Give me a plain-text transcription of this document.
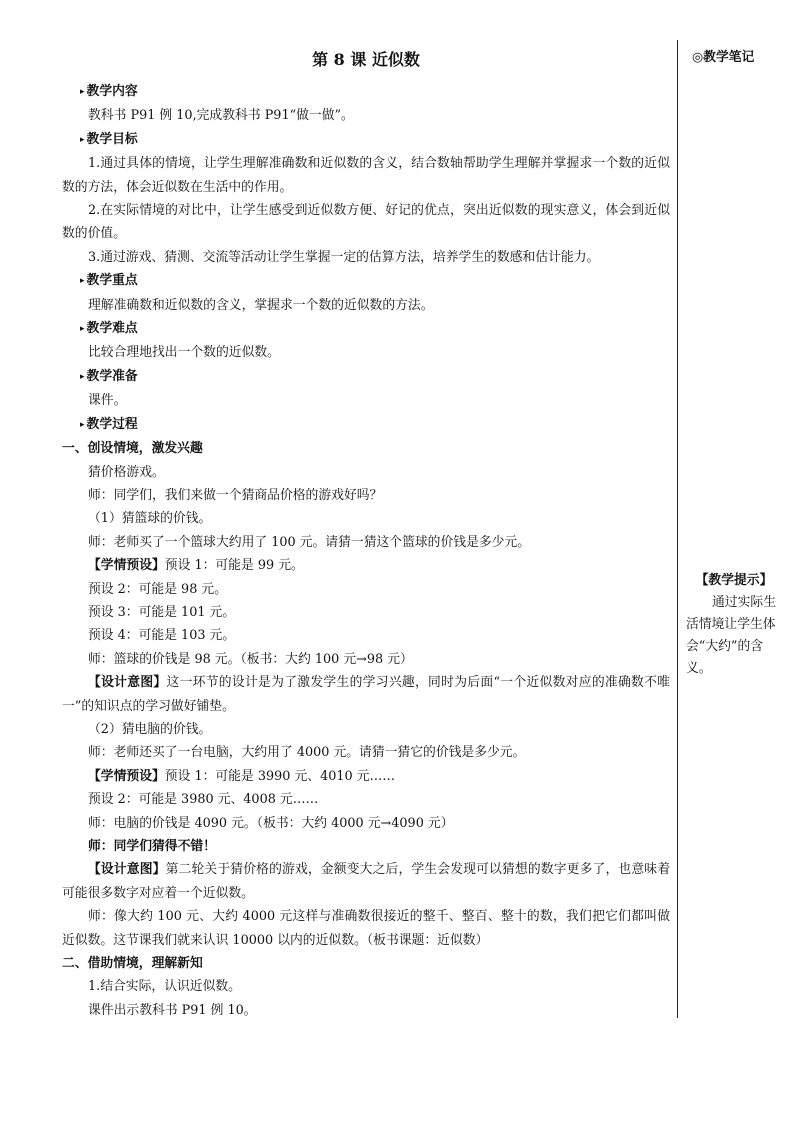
第 8 课 近似数

▸ 教学内容

教科书 P91 例 10,完成教科书 P91“做一做”。

▸ 教学目标

1.通过具体的情境，让学生理解准确数和近似数的含义，结合数轴帮助学生理解并掌握求一个数的近似数的方法，体会近似数在生活中的作用。

2.在实际情境的对比中，让学生感受到近似数方便、好记的优点，突出近似数的现实意义，体会到近似数的价值。

3.通过游戏、猜测、交流等活动让学生掌握一定的估算方法，培养学生的数感和估计能力。

▸ 教学重点

理解准确数和近似数的含义，掌握求一个数的近似数的方法。

▸ 教学难点

比较合理地找出一个数的近似数。

▸ 教学准备

课件。

▸ 教学过程

一、创设情境，激发兴趣

猜价格游戏。

师：同学们，我们来做一个猜商品价格的游戏好吗？

（1）猜篮球的价钱。

师：老师买了一个篮球大约用了 100 元。请猜一猜这个篮球的价钱是多少元。

【学情预设】预设 1：可能是 99 元。

预设 2：可能是 98 元。

预设 3：可能是 101 元。

预设 4：可能是 103 元。

师：篮球的价钱是 98 元。（板书：大约 100 元→98 元）

【设计意图】这一环节的设计是为了激发学生的学习兴趣，同时为后面“一个近似数对应的准确数不唯一”的知识点的学习做好铺垫。

（2）猜电脑的价钱。

师：老师还买了一台电脑，大约用了 4000 元。请猜一猜它的价钱是多少元。

【学情预设】预设 1：可能是 3990 元、4010 元……

预设 2：可能是 3980 元、4008 元……

师：电脑的价钱是 4090 元。（板书：大约 4000 元→4090 元）

师：同学们猜得不错！

【设计意图】第二轮关于猜价格的游戏，金额变大之后，学生会发现可以猜想的数字更多了，也意味着可能很多数字对应着一个近似数。

师：像大约 100 元、大约 4000 元这样与准确数很接近的整千、整百、整十的数，我们把它们都叫做近似数。这节课我们就来认识 10000 以内的近似数。（板书课题：近似数）

二、借助情境，理解新知

1.结合实际，认识近似数。

课件出示教科书 P91 例 10。

◎教学笔记

【教学提示】

通过实际生活情境让学生体会“大约”的含义。
